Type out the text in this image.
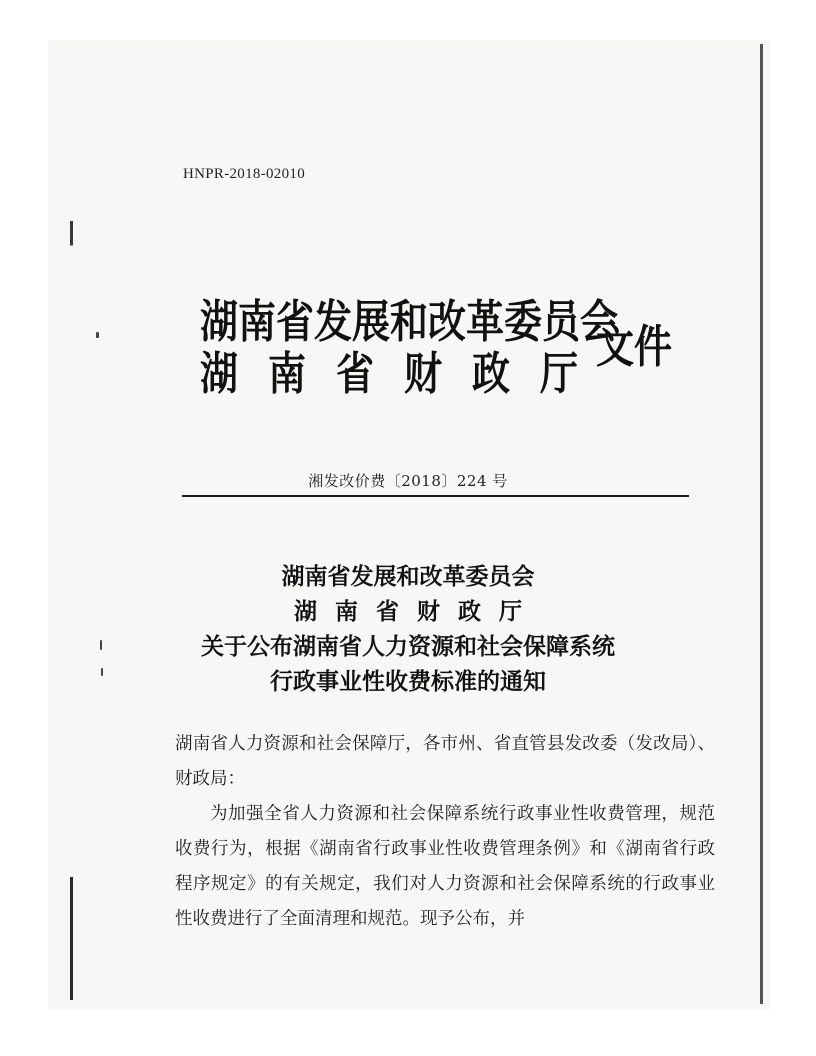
HNPR-2018-02010
湖南省发展和改革委员会
湖南省财政厅
文件
湘发改价费〔2018〕224 号
湖南省发展和改革委员会
湖南省财政厅
关于公布湖南省人力资源和社会保障系统
行政事业性收费标准的通知

湖南省人力资源和社会保障厅，各市州、省直管县发改委（发改局）、财政局：

为加强全省人力资源和社会保障系统行政事业性收费管理，规范收费行为，根据《湖南省行政事业性收费管理条例》和《湖南省行政程序规定》的有关规定，我们对人力资源和社会保障系统的行政事业性收费进行了全面清理和规范。现予公布，并
